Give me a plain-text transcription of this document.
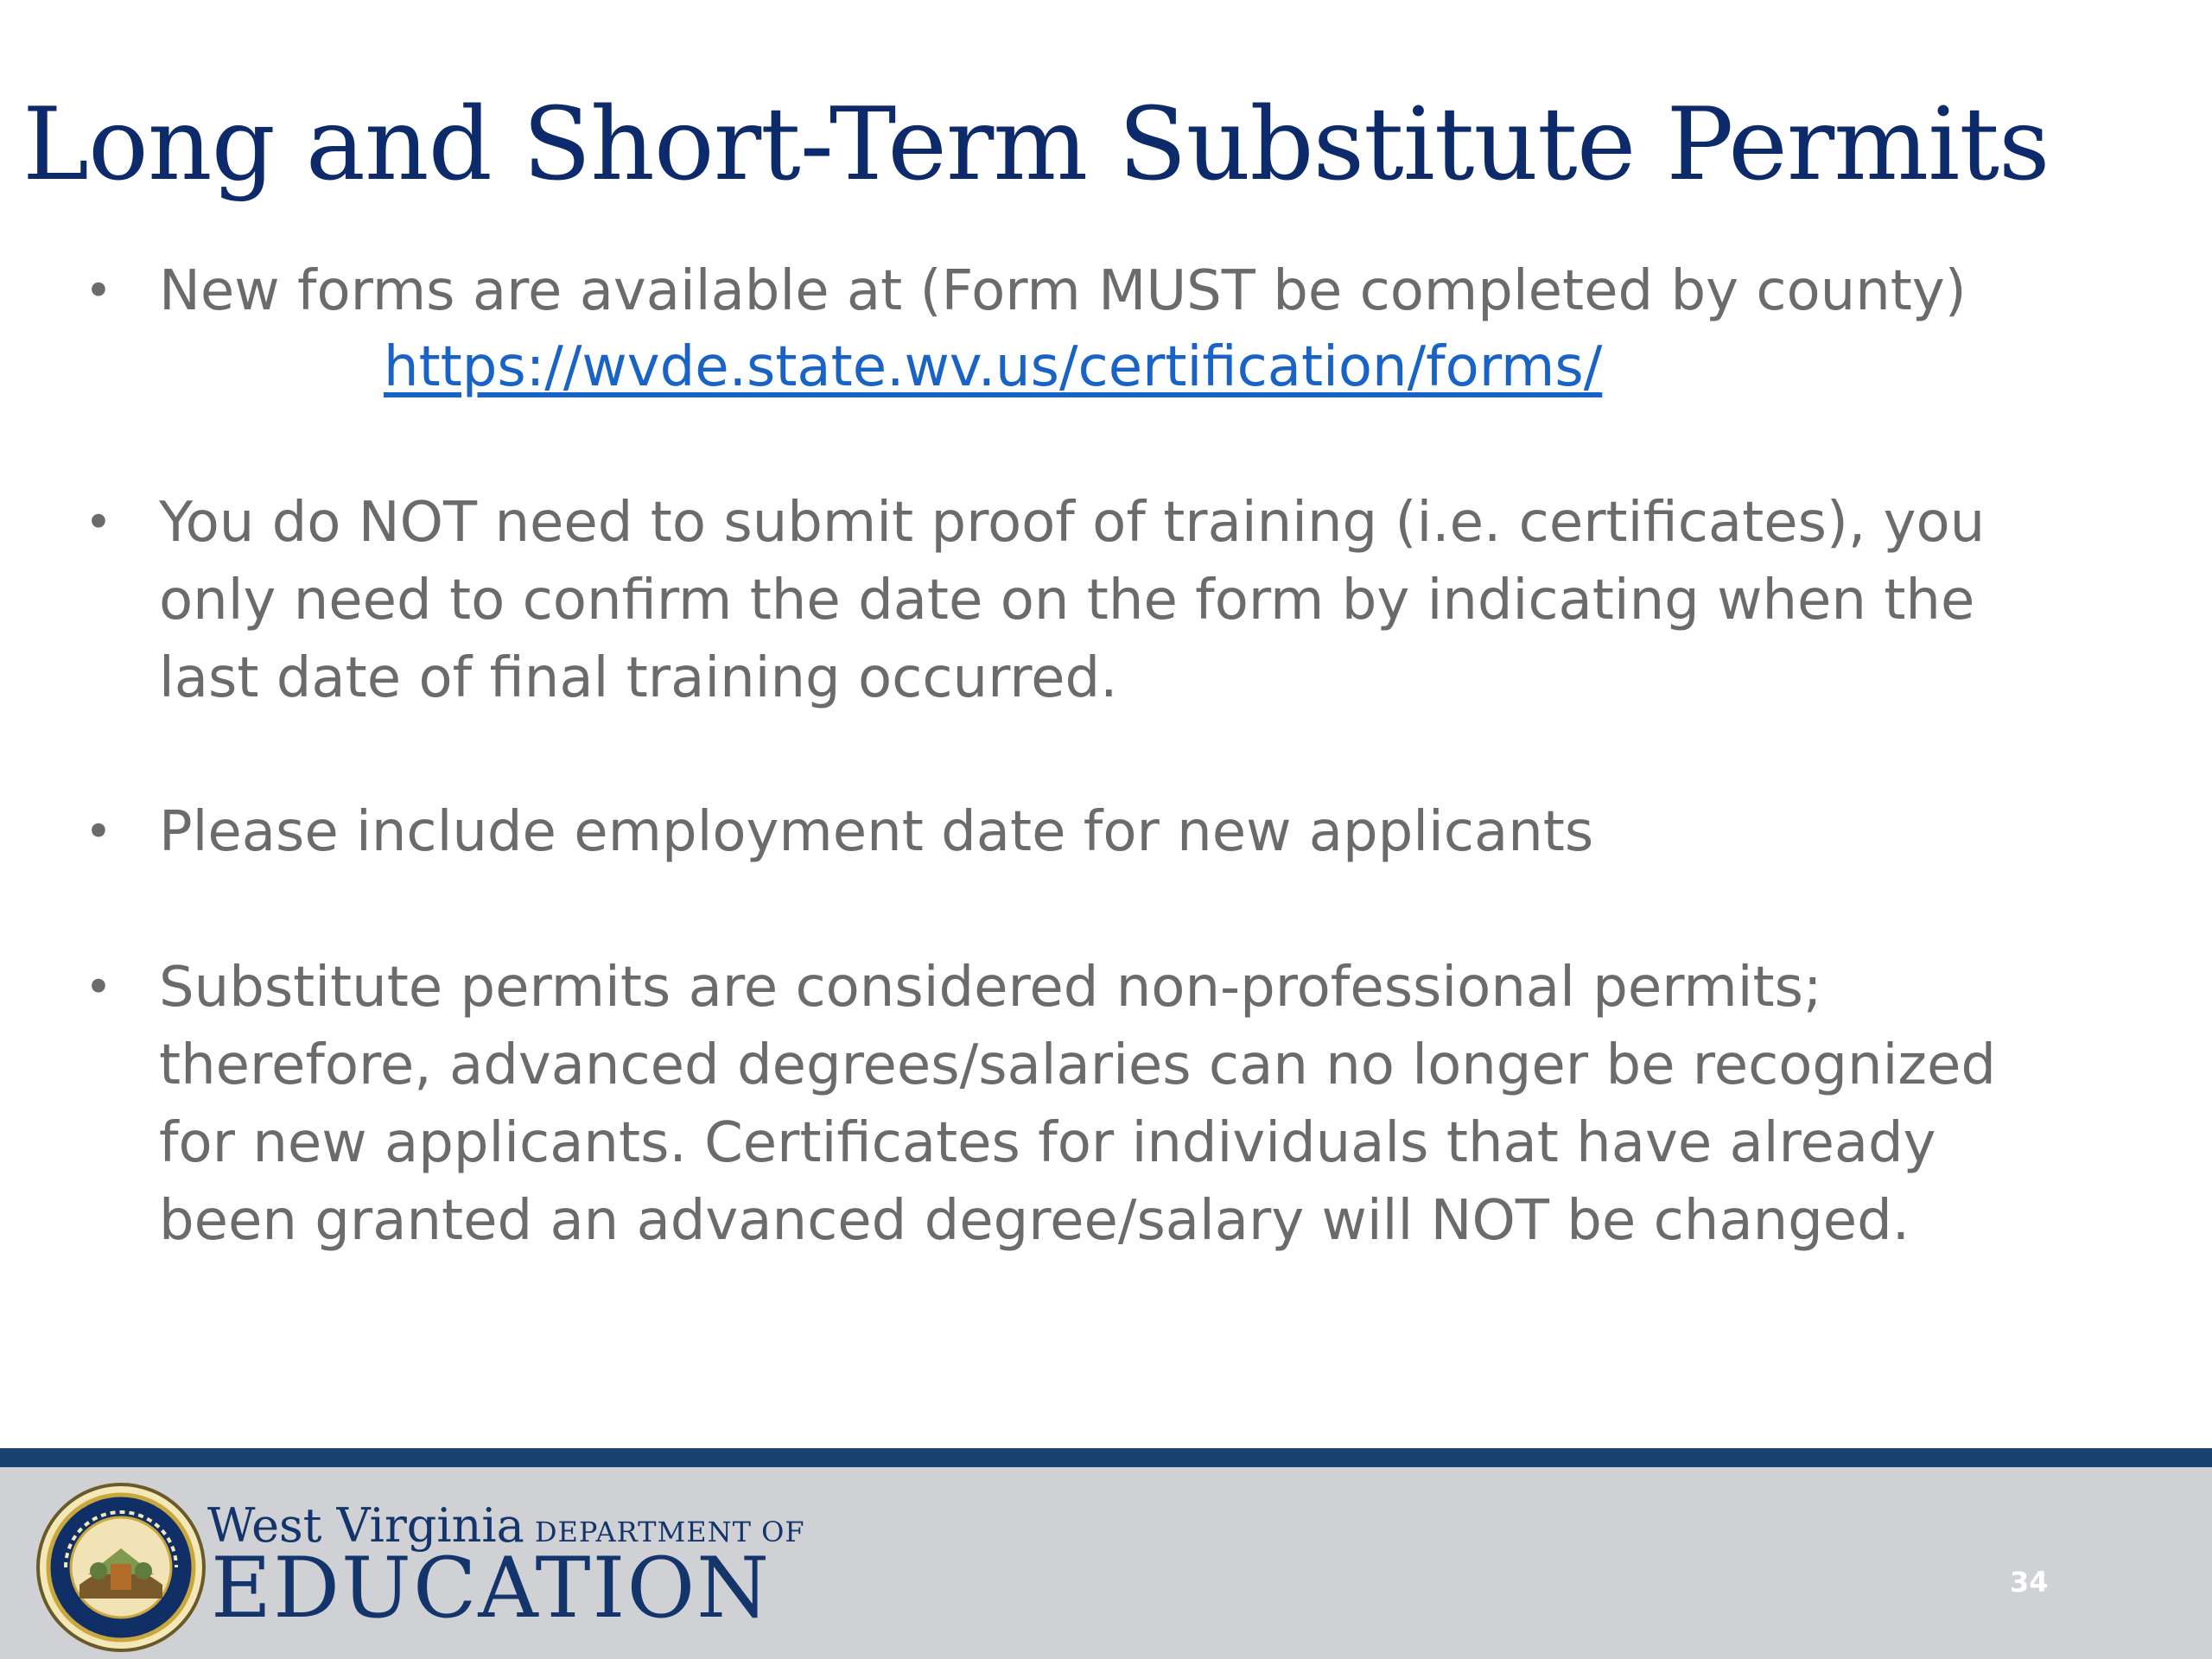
Long and Short-Term Substitute Permits
• New forms are available at (Form MUST be completed by county)
• You do NOT need to submit proof of training (i.e. certificates), you
only need to confirm the date on the form by indicating when the
last date of final training occurred.
• Please include employment date for new applicants
• Substitute permits are considered non-professional permits;
therefore, advanced degrees/salaries can no longer be recognized
for new applicants. Certificates for individuals that have already
been granted an advanced degree/salary will NOT be changed.
https://wvde.state.wv.us/certification/forms/
West Virginia DEPARTMENT OF
EDUCATION	34
